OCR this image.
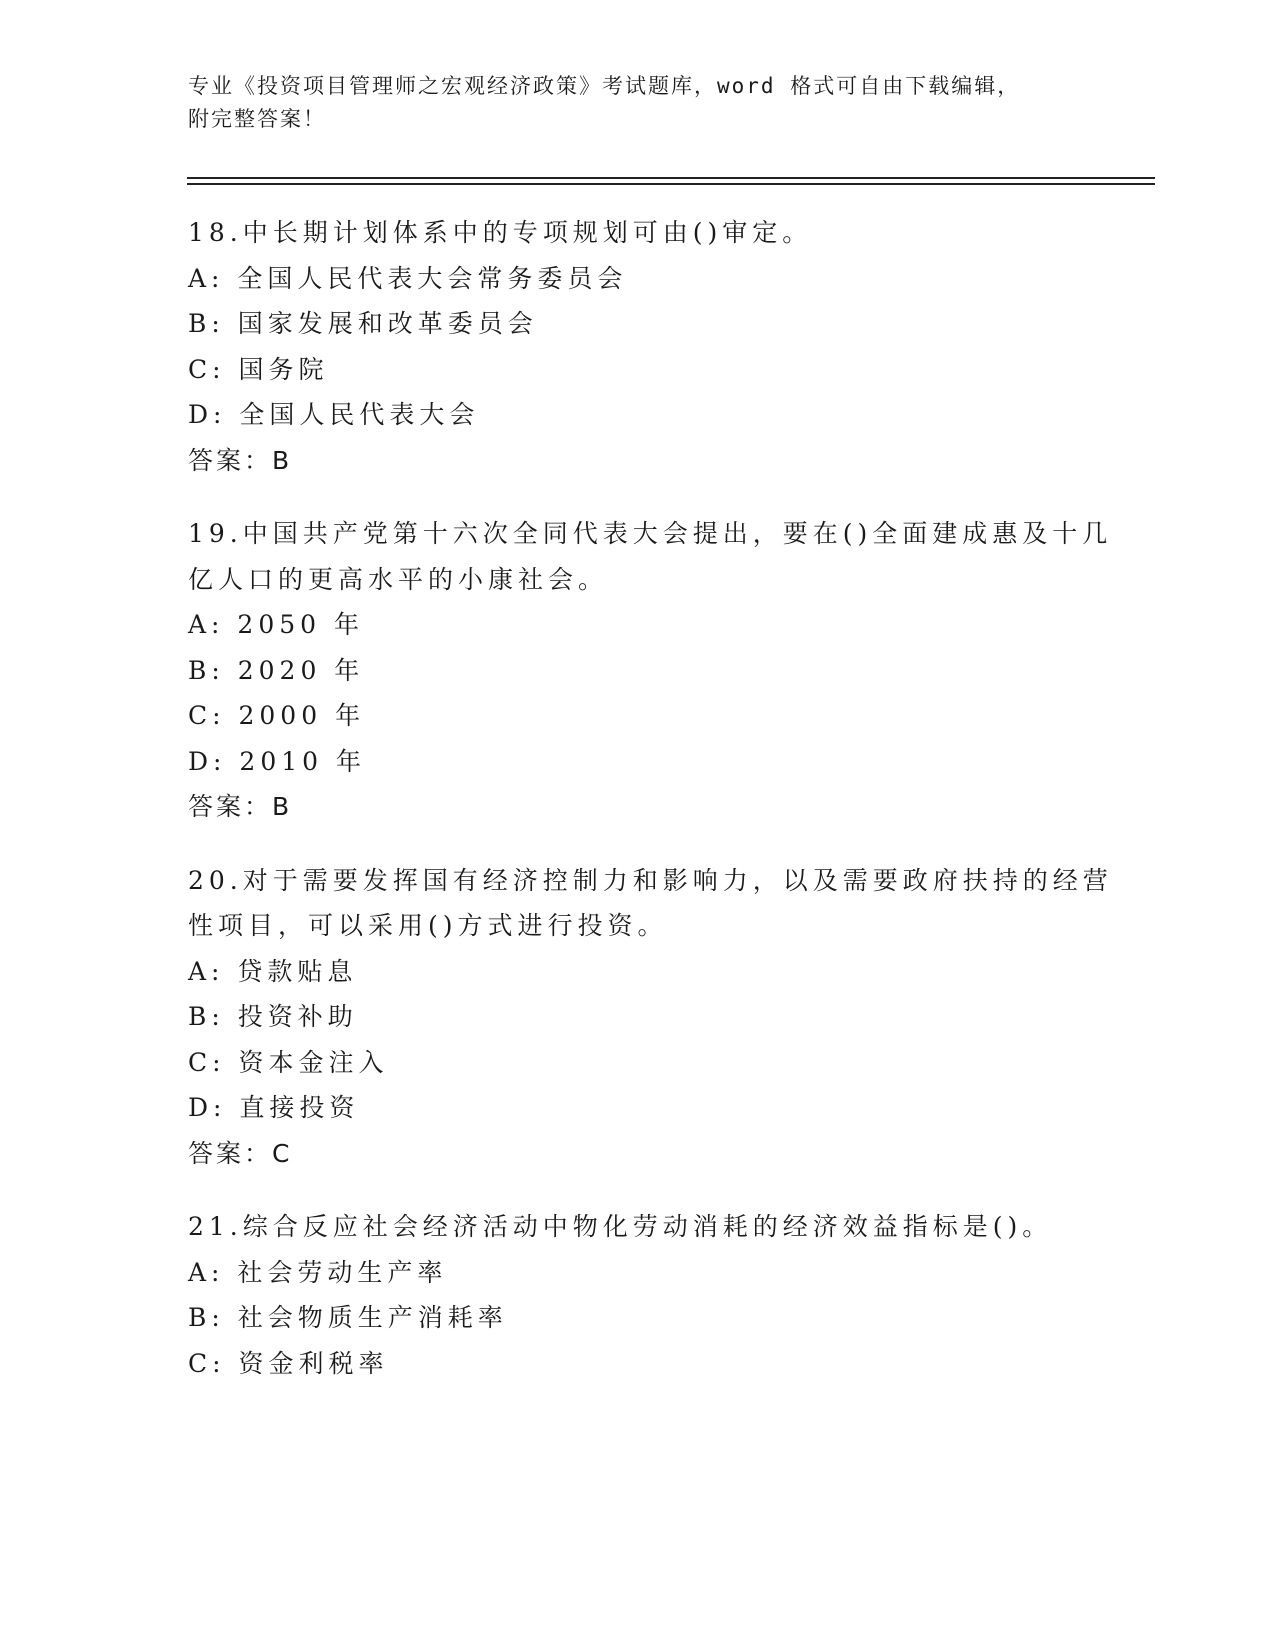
专业《投资项目管理师之宏观经济政策》考试题库，word 格式可自由下载编辑，
附完整答案！
18.中长期计划体系中的专项规划可由()审定。
A: 全国人民代表大会常务委员会
B: 国家发展和改革委员会
C: 国务院
D: 全国人民代表大会
答案：B
19.中国共产党第十六次全同代表大会提出，要在()全面建成惠及十几
亿人口的更高水平的小康社会。
A: 2050 年
B: 2020 年
C: 2000 年
D: 2010 年
答案：B
20.对于需要发挥国有经济控制力和影响力，以及需要政府扶持的经营
性项目，可以采用()方式进行投资。
A: 贷款贴息
B: 投资补助
C: 资本金注入
D: 直接投资
答案：C
21.综合反应社会经济活动中物化劳动消耗的经济效益指标是()。
A: 社会劳动生产率
B: 社会物质生产消耗率
C: 资金利税率
